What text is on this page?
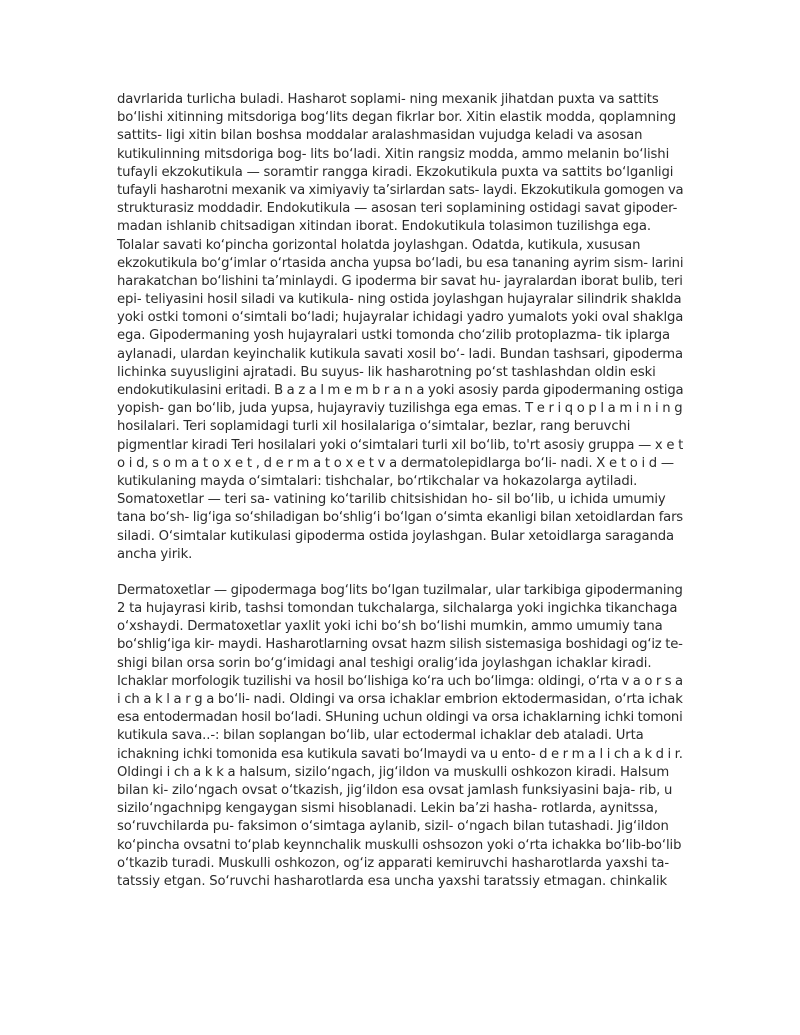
davrlarida turlicha buladi. Hasharot soplami- ning mexanik jihatdan puxta va sattits
bo‘lishi xitinning mitsdoriga bog‘lits degan fikrlar bor. Xitin elastik modda, qoplamning
sattits- ligi xitin bilan boshsa moddalar aralashmasidan vujudga keladi va asosan
kutikulinning mitsdoriga bog- lits bo‘ladi. Xitin rangsiz modda, ammo melanin bo‘lishi
tufayli ekzokutikula — soramtir rangga kiradi. Ekzokutikula puxta va sattits bo‘lganligi
tufayli hasharotni mexanik va ximiyaviy ta’sirlardan sats- laydi. Ekzokutikula gomogen va
strukturasiz moddadir. Endokutikula — asosan teri soplamining ostidagi savat gipoder-
madan ishlanib chitsadigan xitindan iborat. Endokutikula tolasimon tuzilishga ega.
Tolalar savati ko‘pincha gorizontal holatda joylashgan. Odatda, kutikula, xususan
ekzokutikula bo‘g‘imlar o‘rtasida ancha yupsa bo‘ladi, bu esa tananing ayrim sism- larini
harakatchan bo‘lishini ta’minlaydi. G ipoderma bir savat hu- jayralardan iborat bulib, teri
epi- teliyasini hosil siladi va kutikula- ning ostida joylashgan hujayralar silindrik shaklda
yoki ostki tomoni o‘simtali bo‘ladi; hujayralar ichidagi yadro yumalots yoki oval shaklga
ega. Gipodermaning yosh hujayralari ustki tomonda cho‘zilib protoplazma- tik iplarga
aylanadi, ulardan keyinchalik kutikula savati xosil bo‘- ladi. Bundan tashsari, gipoderma
lichinka suyusligini ajratadi. Bu suyus- lik hasharotning po‘st tashlashdan oldin eski
endokutikulasini eritadi. B a z a l m e m b r a n a yoki asosiy parda gipodermaning ostiga
yopish- gan bo‘lib, juda yupsa, hujayraviy tuzilishga ega emas. T e r i q o p l a m i n i n g
hosilalari. Teri soplamidagi turli xil hosilalariga o‘simtalar, bezlar, rang beruvchi
pigmentlar kiradi Teri hosilalari yoki o‘simtalari turli xil bo‘lib, to'rt asosiy gruppa — x e t
o i d, s o m a t o x e t , d e r m a t o x e t v a dermatolepidlarga bo‘li- nadi. X e t o i d —
kutikulaning mayda o‘simtalari: tishchalar, bo‘rtikchalar va hokazolarga aytiladi.
Somatoxetlar — teri sa- vatining ko‘tarilib chitsishidan ho- sil bo‘lib, u ichida umumiy
tana bo‘sh- lig‘iga so‘shiladigan bo‘shlig‘i bo‘lgan o‘simta ekanligi bilan xetoidlardan fars
siladi. O‘simtalar kutikulasi gipoderma ostida joylashgan. Bular xetoidlarga saraganda
ancha yirik.
Dermatoxetlar — gipodermaga bog‘lits bo‘lgan tuzilmalar, ular tarkibiga gipodermaning
2 ta hujayrasi kirib, tashsi tomondan tukchalarga, silchalarga yoki ingichka tikanchaga
o‘xshaydi. Dermatoxetlar yaxlit yoki ichi bo‘sh bo‘lishi mumkin, ammo umumiy tana
bo‘shlig‘iga kir- maydi. Hasharotlarning ovsat hazm silish sistemasiga boshidagi og‘iz te-
shigi bilan orsa sorin bo‘g‘imidagi anal teshigi oralig‘ida joylashgan ichaklar kiradi.
Ichaklar morfologik tuzilishi va hosil bo‘lishiga ko‘ra uch bo‘limga: oldingi, o‘rta v a o r s a
i ch a k l a r g a bo‘li- nadi. Oldingi va orsa ichaklar embrion ektodermasidan, o‘rta ichak
esa entodermadan hosil bo‘ladi. SHuning uchun oldingi va orsa ichaklarning ichki tomoni
kutikula sava..-: bilan soplangan bo‘lib, ular ectodermal ichaklar deb ataladi. Urta
ichakning ichki tomonida esa kutikula savati bo‘lmaydi va u ento- d e r m a l i ch a k d i r.
Oldingi i ch a k k a halsum, sizilo‘ngach, jig‘ildon va muskulli oshkozon kiradi. Halsum
bilan ki- zilo‘ngach ovsat o‘tkazish, jig‘ildon esa ovsat jamlash funksiyasini baja- rib, u
sizilo‘ngachnipg kengaygan sismi hisoblanadi. Lekin ba’zi hasha- rotlarda, aynitssa,
so‘ruvchilarda pu- faksimon o‘simtaga aylanib, sizil- o‘ngach bilan tutashadi. Jig‘ildon
ko‘pincha ovsatni to‘plab keynnchalik muskulli oshsozon yoki o‘rta ichakka bo‘lib-bo‘lib
o‘tkazib turadi. Muskulli oshkozon, og‘iz apparati kemiruvchi hasharotlarda yaxshi ta-
tatssiy etgan. So‘ruvchi hasharotlarda esa uncha yaxshi taratssiy etmagan. chinkalik
